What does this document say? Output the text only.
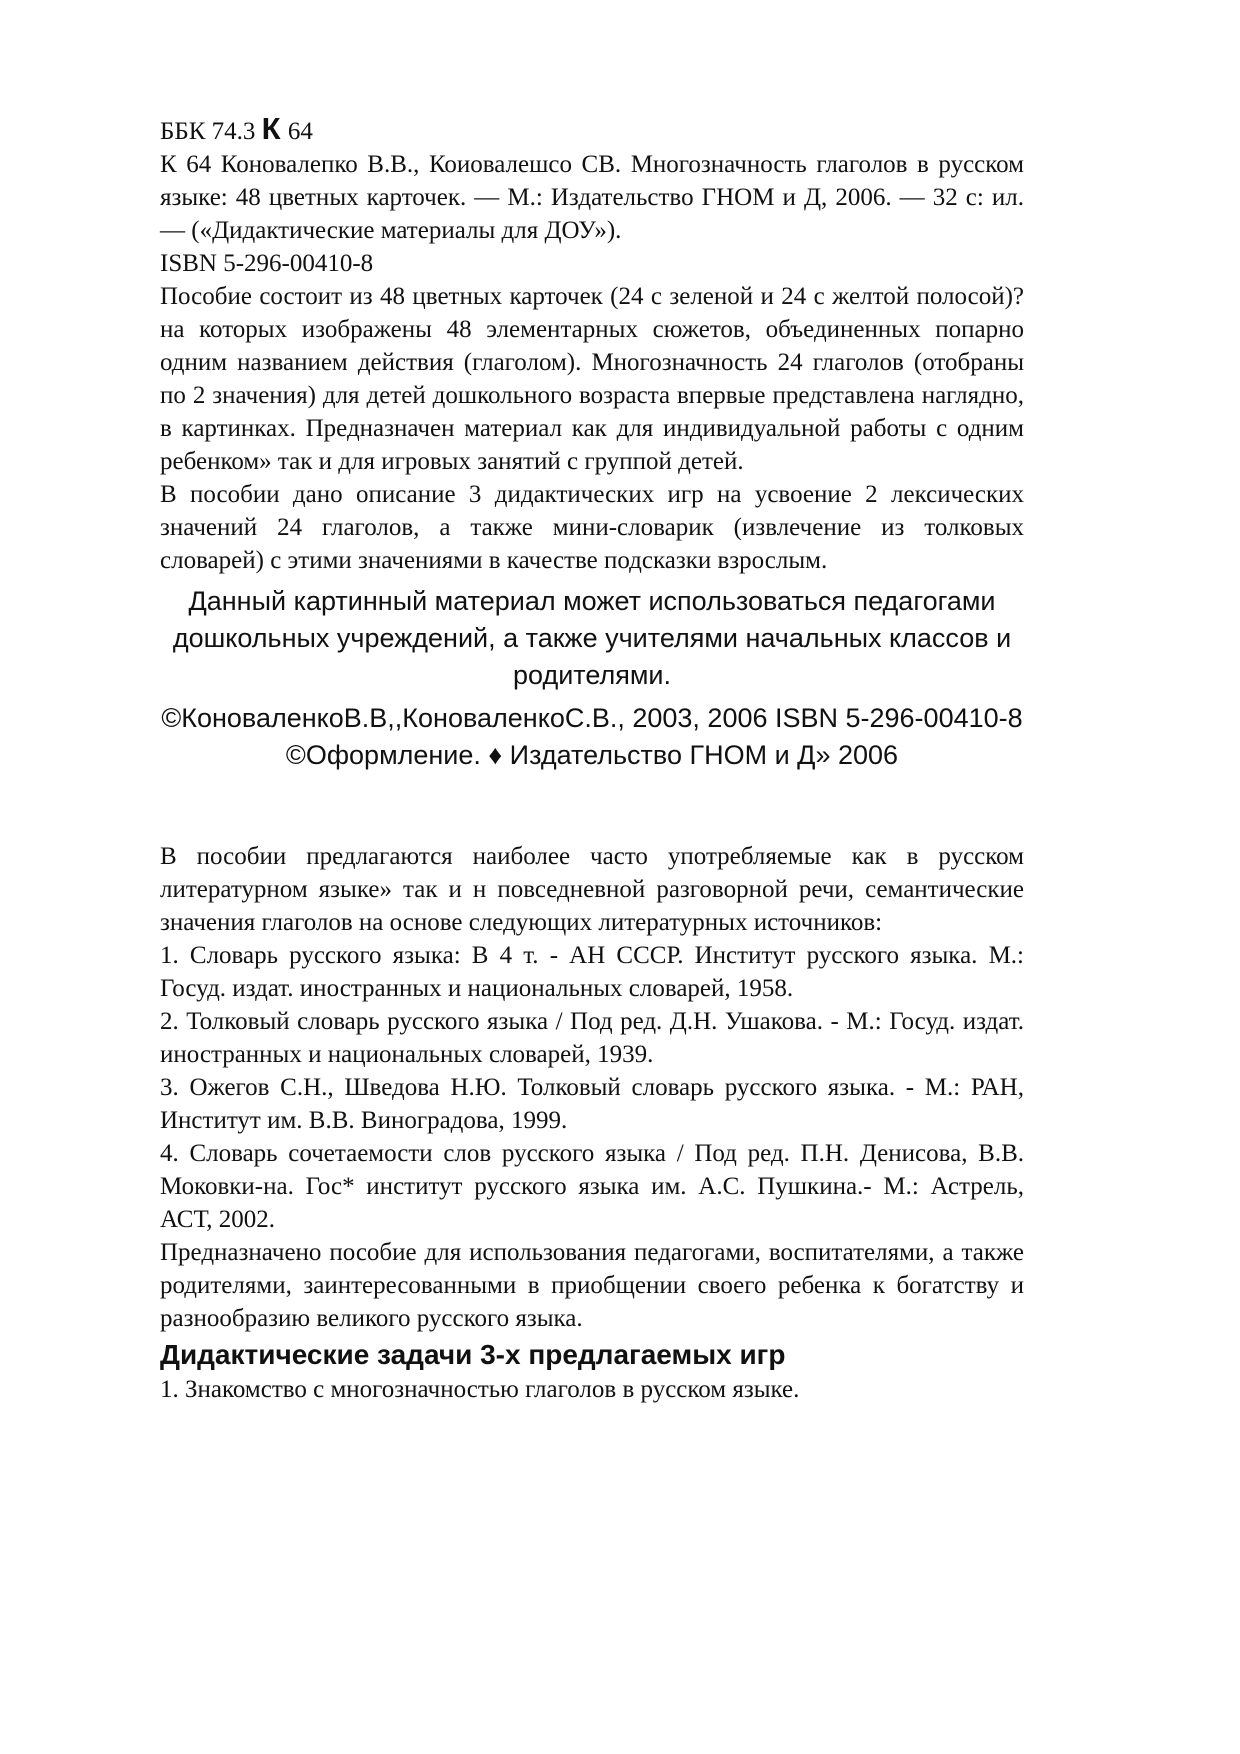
ББК 74.3 К 64

К 64 Коновалепко В.В., Коиовалешсо СВ. Многозначность глаголов в русском языке: 48 цветных карточек. — М.: Издательство ГНОМ и Д, 2006. — 32 с: ил. — («Дидактические материалы для ДОУ»).

ISBN 5-296-00410-8

Пособие состоит из 48 цветных карточек (24 с зеленой и 24 с желтой полосой)? на которых изображены 48 элементарных сюжетов, объединенных попарно одним названием действия (глаголом). Многозначность 24 глаголов (отобраны по 2 значения) для детей дошкольного возраста впервые представлена наглядно, в картинках. Предназначен материал как для индивидуальной работы с одним ребенком» так и для игровых занятий с группой детей.

В пособии дано описание 3 дидактических игр на усвоение 2 лексических значений 24 глаголов, а также мини-словарик (извлечение из толковых словарей) с этими значениями в качестве подсказки взрослым.

Данный картинный материал может использоваться педагогами дошкольных учреждений, а также учителями начальных классов и родителями.

©КоноваленкоВ.В,,КоноваленкоС.В., 2003, 2006 ISBN 5-296-00410-8 ©Оформление. ♦ Издательство ГНОМ и Д» 2006

В пособии предлагаются наиболее часто употребляемые как в русском литературном языке» так и н повседневной разговорной речи, семантические значения глаголов на основе следующих литературных источников:

1. Словарь русского языка: В 4 т. - АН СССР. Институт русского языка. М.: Госуд. издат. иностранных и национальных словарей, 1958.

2. Толковый словарь русского языка / Под ред. Д.Н. Ушакова. - М.: Госуд. издат. иностранных и национальных словарей, 1939.

3. Ожегов С.Н., Шведова Н.Ю. Толковый словарь русского языка. - М.: РАН, Институт им. В.В. Виноградова, 1999.

4. Словарь сочетаемости слов русского языка / Под ред. П.Н. Денисова, В.В. Моковки-на. Гос* институт русского языка им. А.С. Пушкина.- М.: Астрель, АСТ, 2002.

Предназначено пособие для использования педагогами, воспитателями, а также родителями, заинтересованными в приобщении своего ребенка к богатству и разнообразию великого русского языка.

Дидактические задачи 3-х предлагаемых игр

1. Знакомство с многозначностью глаголов в русском языке.
